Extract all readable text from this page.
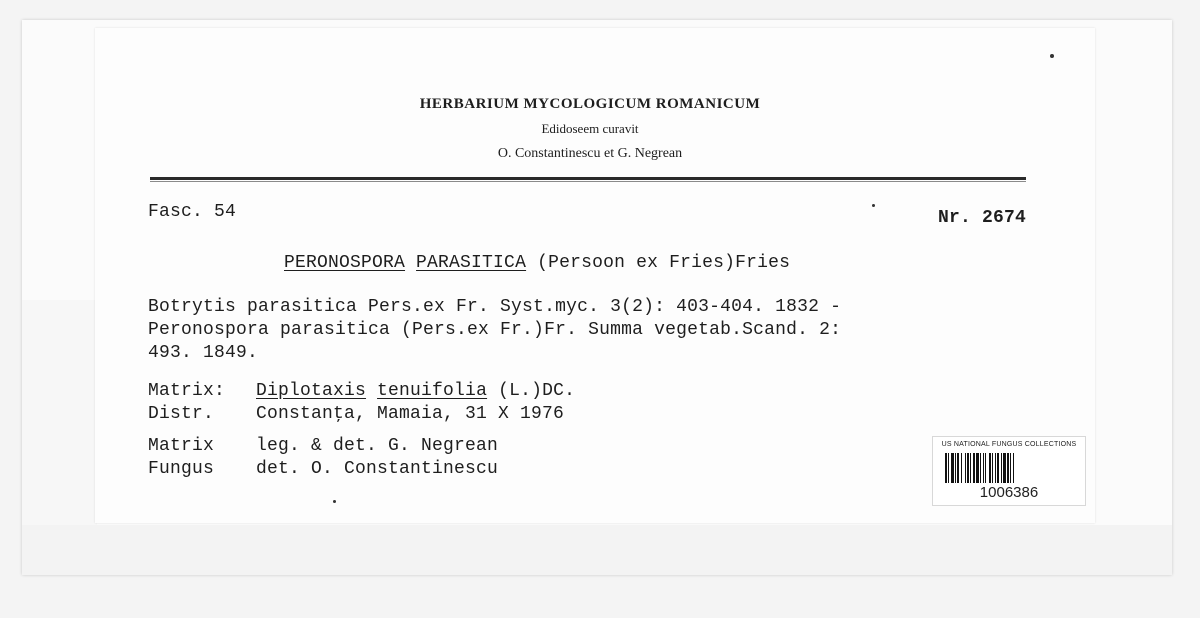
HERBARIUM MYCOLOGICUM ROMANICUM
Edidoseem curavit
O. Constantinescu et G. Negrean
Fasc. 54	Nr. 2674
PERONOSPORA PARASITICA (Persoon ex Fries)Fries
Botrytis parasitica Pers.ex Fr. Syst.myc. 3(2): 403-404. 1832 -
Peronospora parasitica (Pers.ex Fr.)Fr. Summa vegetab.Scand. 2:
493. 1849.
Matrix: Diplotaxis tenuifolia (L.)DC.
Distr. Constanţa, Mamaia, 31 X 1976
Matrix leg. & det. G. Negrean
Fungus det. O. Constantinescu
US NATIONAL FUNGUS COLLECTIONS
1006386
